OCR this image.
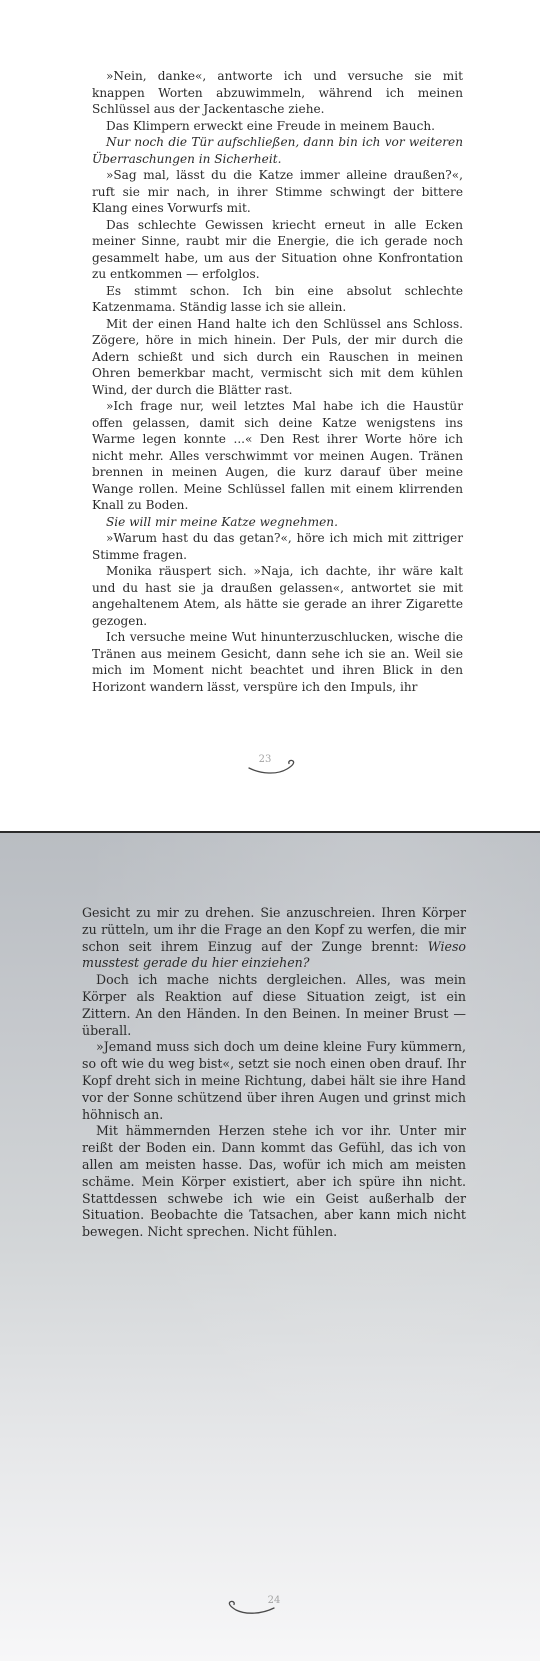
»Nein, danke«, antworte ich und versuche sie mit knappen Worten abzuwimmeln, während ich meinen Schlüssel aus der Jackentasche ziehe.

Das Klimpern erweckt eine Freude in meinem Bauch.

Nur noch die Tür aufschließen, dann bin ich vor weiteren Überraschungen in Sicherheit.

»Sag mal, lässt du die Katze immer alleine draußen?«, ruft sie mir nach, in ihrer Stimme schwingt der bittere Klang eines Vorwurfs mit.

Das schlechte Gewissen kriecht erneut in alle Ecken meiner Sinne, raubt mir die Energie, die ich gerade noch gesammelt habe, um aus der Situation ohne Konfrontation zu entkommen — erfolglos.

Es stimmt schon. Ich bin eine absolut schlechte Katzenmama. Ständig lasse ich sie allein.

Mit der einen Hand halte ich den Schlüssel ans Schloss. Zögere, höre in mich hinein. Der Puls, der mir durch die Adern schießt und sich durch ein Rauschen in meinen Ohren bemerkbar macht, vermischt sich mit dem kühlen Wind, der durch die Blätter rast.

»Ich frage nur, weil letztes Mal habe ich die Haustür offen gelassen, damit sich deine Katze wenigstens ins Warme legen konnte ...« Den Rest ihrer Worte höre ich nicht mehr. Alles verschwimmt vor meinen Augen. Tränen brennen in meinen Augen, die kurz darauf über meine Wange rollen. Meine Schlüssel fallen mit einem klirrenden Knall zu Boden.

Sie will mir meine Katze wegnehmen.

»Warum hast du das getan?«, höre ich mich mit zittriger Stimme fragen.

Monika räuspert sich. »Naja, ich dachte, ihr wäre kalt und du hast sie ja draußen gelassen«, antwortet sie mit angehaltenem Atem, als hätte sie gerade an ihrer Zigarette gezogen.

Ich versuche meine Wut hinunterzuschlucken, wische die Tränen aus meinem Gesicht, dann sehe ich sie an. Weil sie mich im Moment nicht beachtet und ihren Blick in den Horizont wandern lässt, verspüre ich den Impuls, ihr

23

Gesicht zu mir zu drehen. Sie anzuschreien. Ihren Körper zu rütteln, um ihr die Frage an den Kopf zu werfen, die mir schon seit ihrem Einzug auf der Zunge brennt: Wieso musstest gerade du hier einziehen?

Doch ich mache nichts dergleichen. Alles, was mein Körper als Reaktion auf diese Situation zeigt, ist ein Zittern. An den Händen. In den Beinen. In meiner Brust — überall.

»Jemand muss sich doch um deine kleine Fury kümmern, so oft wie du weg bist«, setzt sie noch einen oben drauf. Ihr Kopf dreht sich in meine Richtung, dabei hält sie ihre Hand vor der Sonne schützend über ihren Augen und grinst mich höhnisch an.

Mit hämmernden Herzen stehe ich vor ihr. Unter mir reißt der Boden ein. Dann kommt das Gefühl, das ich von allen am meisten hasse. Das, wofür ich mich am meisten schäme. Mein Körper existiert, aber ich spüre ihn nicht. Stattdessen schwebe ich wie ein Geist außerhalb der Situation. Beobachte die Tatsachen, aber kann mich nicht bewegen. Nicht sprechen. Nicht fühlen.

24
